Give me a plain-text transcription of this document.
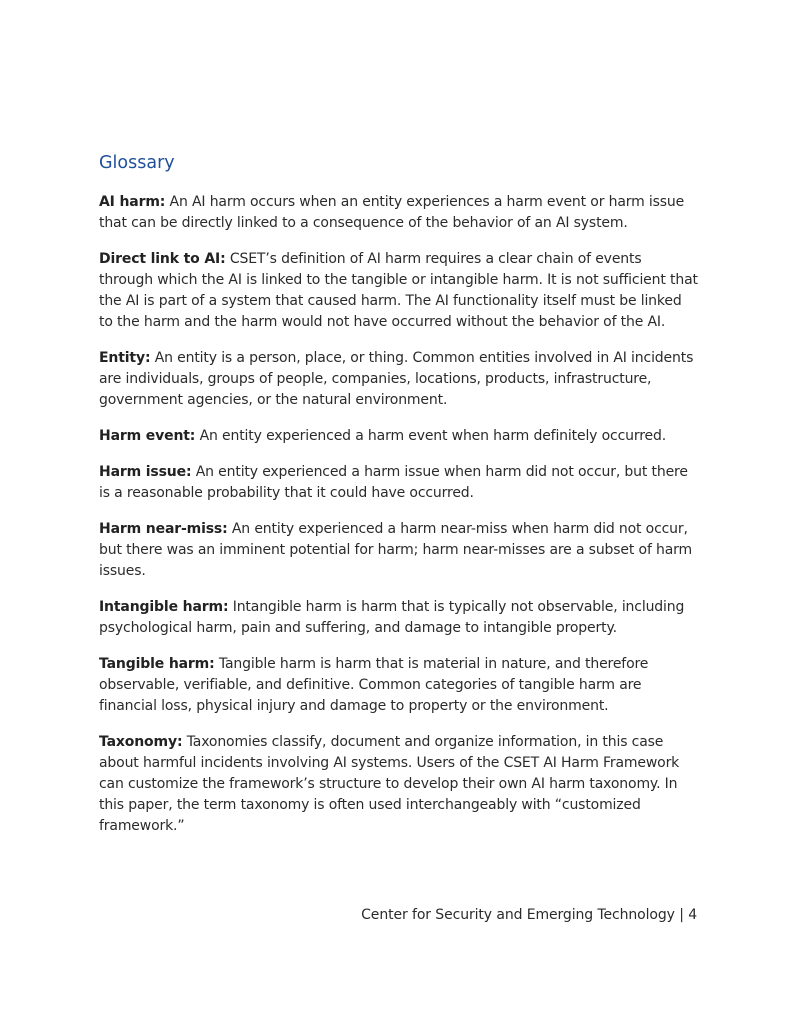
Glossary

AI harm: An AI harm occurs when an entity experiences a harm event or harm issue that can be directly linked to a consequence of the behavior of an AI system.

Direct link to AI: CSET’s definition of AI harm requires a clear chain of events through which the AI is linked to the tangible or intangible harm. It is not sufficient that the AI is part of a system that caused harm. The AI functionality itself must be linked to the harm and the harm would not have occurred without the behavior of the AI.

Entity: An entity is a person, place, or thing. Common entities involved in AI incidents are individuals, groups of people, companies, locations, products, infrastructure, government agencies, or the natural environment.

Harm event: An entity experienced a harm event when harm definitely occurred.

Harm issue: An entity experienced a harm issue when harm did not occur, but there is a reasonable probability that it could have occurred.

Harm near-miss: An entity experienced a harm near-miss when harm did not occur, but there was an imminent potential for harm; harm near-misses are a subset of harm issues.

Intangible harm: Intangible harm is harm that is typically not observable, including psychological harm, pain and suffering, and damage to intangible property.

Tangible harm: Tangible harm is harm that is material in nature, and therefore observable, verifiable, and definitive. Common categories of tangible harm are financial loss, physical injury and damage to property or the environment.

Taxonomy: Taxonomies classify, document and organize information, in this case about harmful incidents involving AI systems. Users of the CSET AI Harm Framework can customize the framework’s structure to develop their own AI harm taxonomy. In this paper, the term taxonomy is often used interchangeably with “customized framework.”

Center for Security and Emerging Technology | 4
